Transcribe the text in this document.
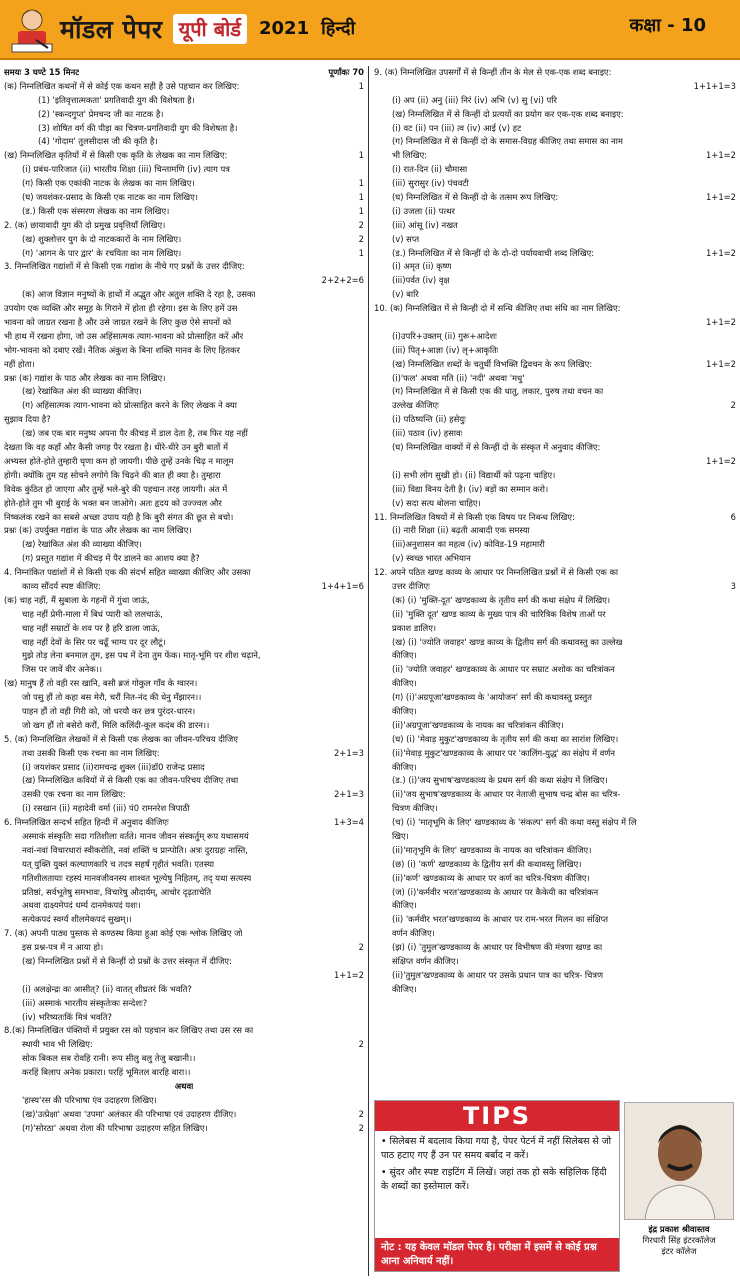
मॉडल पेपर यूपी बोर्ड	2021 हिन्दी	कक्षा - 10
समयः 3 घण्टे 15 मिनट	पूर्णांकः 70
(क) निम्नलिखित कथनों में से कोई एक कथन सही है उसे पहचान कर लिखिए:	1
(1) 'इतिवृत्तात्मकता' प्रगतिवादी युग की विशेषता है।
(2) 'स्कन्दगुप्त' प्रेमचन्द जी का नाटक है।
(3) शोषित वर्ग की पीड़ा का चित्रण-प्रगतिवादी युग की विशेषता है।
(4) 'गोदाम' तुलसीदास जी की कृति है।
(ख) निम्नलिखित कृतियों में से किसी एक कृति के लेखक का नाम लिखिए:	1
(i) प्रबंध-पारिजात (ii) भारतीय शिक्षा (iii) चिन्तामणि (iv) त्याग पत्र
(ग) किसी एक एकांकी नाटक के लेखक का नाम लिखिए।	1
(घ) जयशंकर-प्रसाद के किसी एक नाटक का नाम लिखिए।	1
(ड.) किसी एक संस्मरण लेखक का नाम लिखिए।	1
2. (क) छायावादी युग की दो प्रमुख प्रवृत्तियाँ लिखिए।	2
(ख) शुक्लोत्तर युग के दो नाटककारों के नाम लिखिए।	2
(ग) 'आगन के पार द्वार' के रचयिता का नाम लिखिए।	1
3. निम्नलिखित गद्यांशों में से किसी एक गद्यांश के नीचे गए प्रश्नों के उत्तर दीजिए:
2+2+2=6
(क) आज विज्ञान मनुष्यों के हाथों में अद्भुत और अतुल शक्ति दे रहा है, उसका
उपयोग एक व्यक्ति और समूह के गिराने में होता ही रहेगा। इस के लिए हमें उस
भावना को जाग्रत रखना है और उसे जाग्रत रखने के लिए कुछ ऐसे सपनों को
भी हाथ में रखना होगा, जो उस अहिंसात्मक त्याग-भावना को प्रोत्साहित करें और
भोग-भावना को दबाए रखें। नैतिक अंकुश के बिना शक्ति मानव के लिए हितकर
नहीं होता।
प्रश्नः (क) गद्यांश के पाठ और लेखक का नाम लिखिए।
(ख) रेखांकित अंश की व्याख्या कीजिए।
(ग) अहिंसात्मक त्याग-भावना को प्रोत्साहित करने के लिए लेखक ने क्या
सुझाव दिया है?
(ख) जब एक बार मनुष्य अपना पैर कीचड़ में डाल देता है, तब फिर यह नहीं
देखता कि वह कहाँ और कैसी जगह पैर रखता है। धीरे-धीरे उन बुरी बातों में
अभ्यस्त होते-होते तुम्हारी घृणा कम हो जायगी। पीछे तुम्हें उनके चिढ़ न मालूम
होगी। क्योंकि तुम यह सोचने लगोगे कि चिढ़ने की बात ही क्या है। तुम्हारा
विवेक कुंठित हो जाएगा और तुम्हें भले-बुरे की पहचान तरह जायगी। अंत में
होते-होते तुम भी बुराई के भक्त बन जाओगे। अतः हृदय को उज्ज्वल और
निष्कलंक रखने का सबसे अच्छा उपाय यही है कि बुरी संगत की छूत से बचो।
प्रश्नः (क) उपर्युक्त गद्यांश के पाठ और लेखक का नाम लिखिए।
(ख) रेखांकित अंश की व्याख्या कीजिए।
(ग) प्रस्तुत गद्यांश में कीचड़ में पैर डालने का आशय क्या है?
4. निम्नांकित पद्यांशों में से किसी एक की संदर्भ सहित व्याख्या कीजिए और उसका
काव्य सौंदर्य स्पष्ट कीजिए:	1+4+1=6
(क) चाह नहीं, मैं सुबाला के गहनों में गुंथा जाऊं,
चाह नहीं प्रेमी-माला में बिधं प्यारी को ललचाऊं,
चाह नहीं सम्राटों के शव पर है हरि डाला जाऊं,
चाह नहीं देवों के सिर पर चढूँ भाग्य पर दूर लौटूं।
मुझे तोड़ लेना बनमाल तुम, इस पथ में देना तुम फेंक। मातृ-भूमि पर शीश चढ़ाने,
जिस पर जावें वीर अनेक।।
(ख) मानुष हैं तो वही रस खानि, बसौ ब्रजं गोकुल गाँव के ग्वारन।
जो पसु हौं तो कहा बस मेरौ, चरौं नित-नंद की धेनु मँझारन।।
पाहन हौं तो वही गिरी को, जो धरयौ कर छत्र पुरंदर-धारन।
जो खग हौं तो बसेरो करौं, मिलि कलिंदी-कूल कदंब की डारन।।
5. (क) निम्नलिखित लेखकों में से किसी एक लेखक का जीवन-परिचय दीजिए
तथा उसकी किसी एक रचना का नाम लिखिए:	2+1=3
(i) जयशंकर प्रसाद (ii)रामचन्द्र शुक्ल (iii)डॉ0 राजेन्द्र प्रसाद
(ख) निम्नलिखित कवियों में से किसी एक का जीवन-परिचय दीजिए तथा
उसकी एक रचना का नाम लिखिए:	2+1=3
(i) रसखान (ii) महादेवी वर्मा (iii) पं0 रामनरेश त्रिपाठी
6. निम्नलिखित सन्दर्भ सहित हिन्दी में अनुवाद कीजिएः	1+3=4
अस्माकं संस्कृतिः सदा गतिशीला वर्तते। मानव जीवन संस्कर्तुम् रूप यथासमयं
नवां-नवां विचारधारां स्वीकरोति, नवां शक्तिं च प्रान्पोति। अत्रः दुराग्रहः नास्ति,
यत् युक्ति युक्तं कल्याणकारि च तदत्र सहर्षं गृहीतं भवति। एतस्या
गतिशीलतायाः रहस्यं मानवजीवनस्य शाश्वत भूल्येषु निहितम्, तद् यथा सत्यस्य
प्रतिष्ठां, सर्वभूतेषु समभावः, विचारेषु औदार्यम्, आचोर दृढ़ताचेति
अथवा दाक्ष्यमेपदं धर्म्य दानमेकपदं यशः।
सत्येकपदं स्वर्ग्यं शीलमेकपदं सुखम्।।
7. (क) अपनी पाठ्य पुस्तक से कण्ठस्थ किया हुआ कोई एक श्लोक लिखिए जो
इस प्रश्न-पत्र में न आया हो।	2
(ख) निम्नलिखित प्रश्नों में से किन्हीं दो प्रश्नों के उत्तर संस्कृत में दीजिए:
1+1=2
(i) अलक्षेन्द्रः कः आसीत्? (ii) वातत् शीघ्रतरं किं भवति?
(iii) अस्माकं भारतीय संस्कृतेःकः सन्देशः?
(iv) भरिष्यतःकिं मित्रं भवति?
8.(क) निम्नलिखित पंक्तियों में प्रयुक्त रस को पहचान कर लिखिए तथा उस रस का
स्थायी भाव भी लिखिए:	2
सोक बिकल सब रोवहि रानी। रूप सीलु बलु तेजु बखानी।।
करहिं बिलाप अनेक प्रकारा। परहिं भूमितल बारहि बारा।।
अथवा
'हास्य'रस की परिभाषा एंव उदाहरण लिखिए।
(ख)'उत्प्रेक्षा' अथवा 'उपमा' अलंकार की परिभाषा एवं उदाहरण दीजिए।	2
(ग)'सोरठा' अथवा रोला की परिभाषा उदाहरण सहित लिखिए।	2
9. (क) निम्नलिखित उपसर्गों में से किन्हीं तीन के मेल से एक-एक शब्द बनाइए:
1+1+1=3
(i) अप (ii) अनु (iii) निरं (iv) अभि (v) सु (vi) परि
(ख) निम्नलिखित में से किन्हीं दो प्रत्ययों का प्रयोग कर एक-एक शब्द बनाइए:
(i) वट (ii) पन (iii) त्व (iv) आई (v) हट
(ग) निम्नलिखित में से किन्हीं दो के समास-विग्रह कीजिए तथा समास का नाम
भी लिखिए:	1+1=2
(i) रात-दिन (ii) चौमासा
(iii) सुरासुर (iv) पंचवटी
(घ) निम्नलिखित में से किन्हीं दो के तत्सम रूप लिखिए:	1+1=2
(i) उजला (ii) पत्थर
(iii) आंसू (iv) नखत
(v) सप्त
(ड.) निम्नलिखित में से किन्हीं दो के दो-दो पर्यायवाची शब्द लिखिए:	1+1=2
(i) अमृत (ii) कृष्ण
(iii)पर्वत (iv) वृक्ष
(v) बारि
10. (क) निम्नलिखित में से किन्ही दो में सन्धि कीजिए तथा संधि का नाम लिखिए:
1+1=2
(i)उपरि+उक्तम् (ii) गुरू+आदेशः
(iii) पितृ+आज्ञा (iv) लृ+आकृतिः
(ख) निम्नलिखित शब्दों के चतुर्थी विभक्ति द्विवचन के रूप लिखिए:	1+1=2
(i)'फल' अथवा मति (ii) 'नदी' अथवा 'मधु'
(ग) निम्नलिखित में से किसी एक की धातु, लकार, पुरुष तथा वचन का
उल्लेख कीजिएः	2
(i) पठिष्यन्ति (ii) हसेयुः
(iii) पठाव (iv) हसावः
(घ) निम्नलिखित वाक्यों में से किन्हीं दो के संस्कृत में अनुवाद कीजिए:
1+1=2
(i) सभी लोग सुखी हो। (ii) विद्यार्थी को पढ़ना चाहिए।
(iii) विद्या विनय देती है। (iv) बड़ों का सम्मान करो।
(v) सदा सत्य बोलना चाहिए।
11. निम्नलिखित विषयों में से किसी एक विषय पर निबन्ध लिखिए:	6
(i) नारी शिक्षा (ii) बढ़ती आबादी एक समस्या
(iii)अनुशासन का महत्व (iv) कोविड-19 महामारी
(v) स्वच्छ भारत अभियान
12. अपने पठित खण्ड काव्य के आधार पर निम्नलिखित प्रश्नों में से किसी एक का
उत्तर दीजिएः	3
(क) (i) 'मुक्ति-दूत' खण्डकाव्य के तृतीय सर्ग की कथा संक्षेप में लिखिए।
(ii) 'मुक्ति दूत' खण्ड काव्य के मुख्य पात्र की चारित्रिक विशेष ताओं पर
प्रकाश डालिए।
(ख) (i) 'ज्योति जवाहर' खण्ड काव्य के द्वितीय सर्ग की कथावस्तु का उल्लेख
कीजिए।
(ii) 'ज्योति जवाहर' खण्डकाव्य के आधार पर सम्राट अशोक का चरित्रांकन
कीजिए।
(ग) (i)'अग्रपूजा'खण्डकाव्य के 'आयोजन' सर्ग की कथावस्तु प्रस्तुत
कीजिए।
(ii)'अग्रपूजा'खण्डकाव्य के नायक का चरित्रांकन कीजिए।
(घ) (i) 'मेवाड़ मुकुट'खण्डकाव्य के तृतीय सर्ग की कथा का सारांश लिखिए।
(ii)'मेवाड़ मुकुट'खण्डकाव्य के आधार पर 'कालिंग-युद्ध' का संक्षेप में वर्णन
कीजिए।
(ड.) (i)'जय सुभाष'खण्डकाव्य के प्रथम सर्ग की कथा संक्षेप में लिखिए।
(ii)'जय सुभाष'खण्डकाव्य के आधार पर नेताजी सुभाष चन्द्र बोस का चरित्र-
चित्रण कीजिए।
(च) (i) 'मातृभूमि के लिए' खण्डकाव्य के 'संकल्प' सर्ग की कथा वस्तु संक्षेप में लि
खिए।
(ii)'मातृभूमि के लिए' खण्डकाव्य के नायक का चरित्रांकन कीजिए।
(छ) (i) 'कर्ण' खण्डकाव्य के द्वितीय सर्ग की कथावस्तु लिखिए।
(ii)'कर्ण' खण्डकाव्य के आधार पर कर्ण का चरित्र-चित्रण कीजिए।
(ज) (i)'कर्मवीर भरत'खण्डकाव्य के आधार पर कैकेयी का चरित्रांकन
कीजिए।
(ii) 'कर्मवीर भरत'खण्डकाव्य के आधार पर राम-भरत मिलन का संक्षिप्त
वर्णन कीजिए।
(झ) (i) 'तुमुल'खण्डकाव्य के आधार पर विभीषण की मंत्रणा खण्ड का
संक्षिप्त वर्णन कीजिए।
(ii)'तुमुल'खण्डकाव्य के आधार पर उसके प्रधान पात्र का चरित्र- चित्रण
कीजिए।
TIPS
• सिलेबस में बदलाव किया गया है, पेपर पेटर्न में नहीं सिलेबस से जो पाठ हटाए गए हैं उन पर समय बर्बाद न करें।
• सुंदर और स्पष्ट राइटिंग में लिखें। जहां तक हो सके सहिलिक हिंदी के शब्दों का इस्तेमाल करें।
नोट : यह केवल मॉडल पेपर है। परीक्षा में इसमें से कोई प्रश्न आना अनिवार्य नहीं।
इंद्र प्रकाश श्रीवास्तव
गिरधारी सिंह इंटरकॉलेज
इंटर कॉलेज
